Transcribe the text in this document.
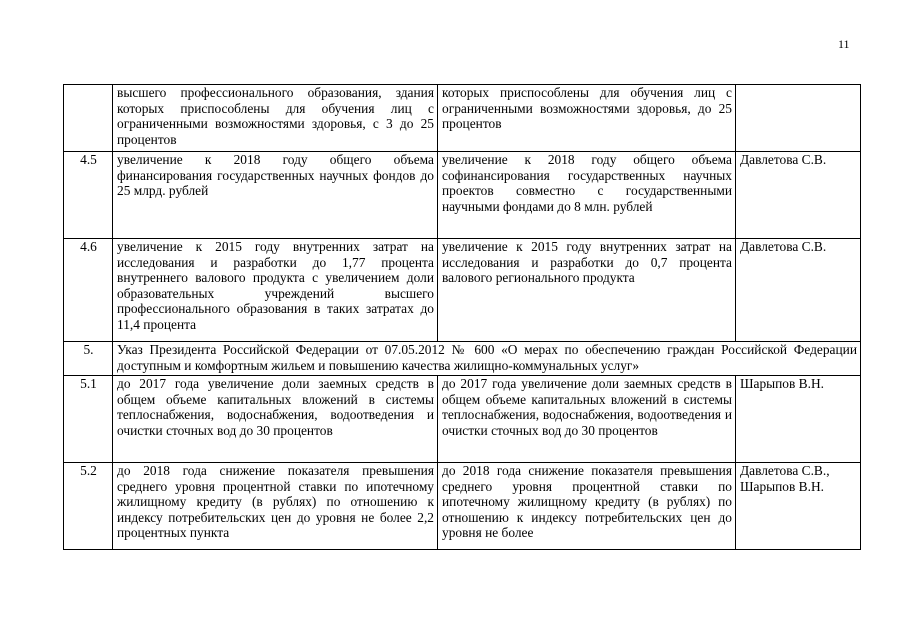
11
	высшего профессионального образования, здания которых приспособлены для обучения лиц с ограниченными возможностями здоровья, с 3 до 25 процентов	которых приспособлены для обучения лиц с ограниченными возможностями здоровья, до 25 процентов	
4.5	увеличение к 2018 году общего объема финансирования государственных научных фондов до 25 млрд. рублей	увеличение к 2018 году общего объема софинансирования государственных научных проектов совместно с государственными научными фондами до 8 млн. рублей	Давлетова С.В.
4.6	увеличение к 2015 году внутренних затрат на исследования и разработки до 1,77 процента внутреннего валового продукта с увеличением доли образовательных учреждений высшего профессионального образования в таких затратах до 11,4 процента	увеличение к 2015 году внутренних затрат на исследования и разработки до 0,7 процента валового регионального продукта	Давлетова С.В.
5.	Указ Президента Российской Федерации от 07.05.2012 № 600 «О мерах по обеспечению граждан Российской Федерации доступным и комфортным жильем и повышению качества жилищно-коммунальных услуг»		
5.1	до 2017 года увеличение доли заемных средств в общем объеме капитальных вложений в системы теплоснабжения, водоснабжения, водоотведения и очистки сточных вод до 30 процентов	до 2017 года увеличение доли заемных средств в общем объеме капитальных вложений в системы теплоснабжения, водоснабжения, водоотведения и очистки сточных вод до 30 процентов	Шарыпов В.Н.
5.2	до 2018 года снижение показателя превышения среднего уровня процентной ставки по ипотечному жилищному кредиту (в рублях) по отношению к индексу потребительских цен до уровня не более 2,2 процентных пункта	до 2018 года снижение показателя превышения среднего уровня процентной ставки по ипотечному жилищному кредиту (в рублях) по отношению к индексу потребительских цен до уровня не более	Давлетова С.В., Шарыпов В.Н.
